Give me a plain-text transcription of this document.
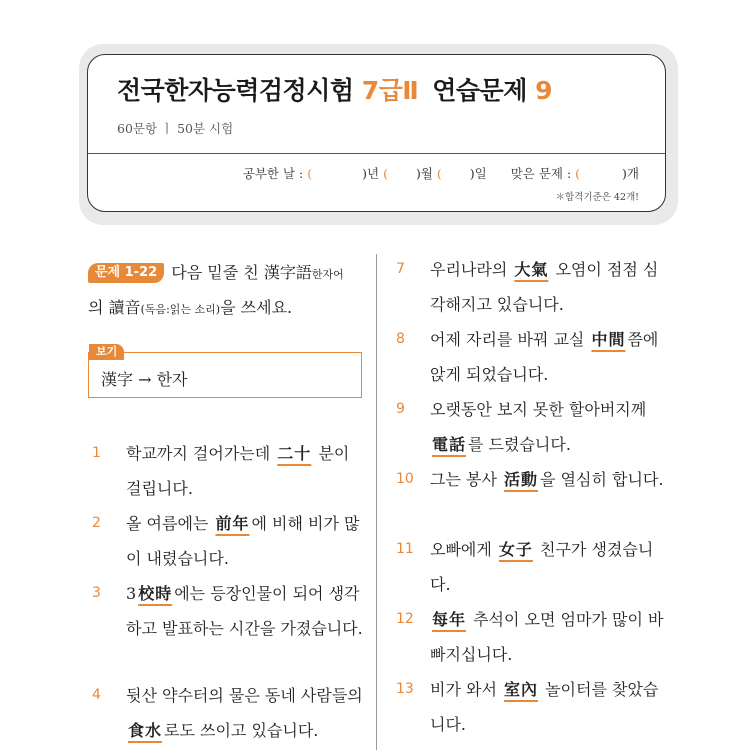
전국한자능력검정시험 7급Ⅱ 연습문제 9
60문항 ㅣ 50분 시험
공부한 날 : (	)년 ( )월 ( )일 맞은 문제 : (	)개
＊합격기준은 42개!
문제 1-22 다음 밑줄 친 漢字語한자어
의 讀音(독음:읽는 소리)을 쓰세요.
보기
漢字 → 한자
1 학교까지 걸어가는데 二十 분이 걸립니다.
2 올 여름에는 前年 에 비해 비가 많이 내렸습니다.
3 3 校時 에는 등장인물이 되어 생각하고 발표하는 시간을 가졌습니다.
4 뒷산 약수터의 물은 동네 사람들의 食水 로도 쓰이고 있습니다.
7 우리나라의 大氣 오염이 점점 심각해지고 있습니다.
8 어제 자리를 바꿔 교실 中間 쯤에 앉게 되었습니다.
9 오랫동안 보지 못한 할아버지께 電話 를 드렸습니다.
10 그는 봉사 活動 을 열심히 합니다.
11 오빠에게 女子 친구가 생겼습니다.
12 每年 추석이 오면 엄마가 많이 바빠지십니다.
13 비가 와서 室內 놀이터를 찾았습니다.
